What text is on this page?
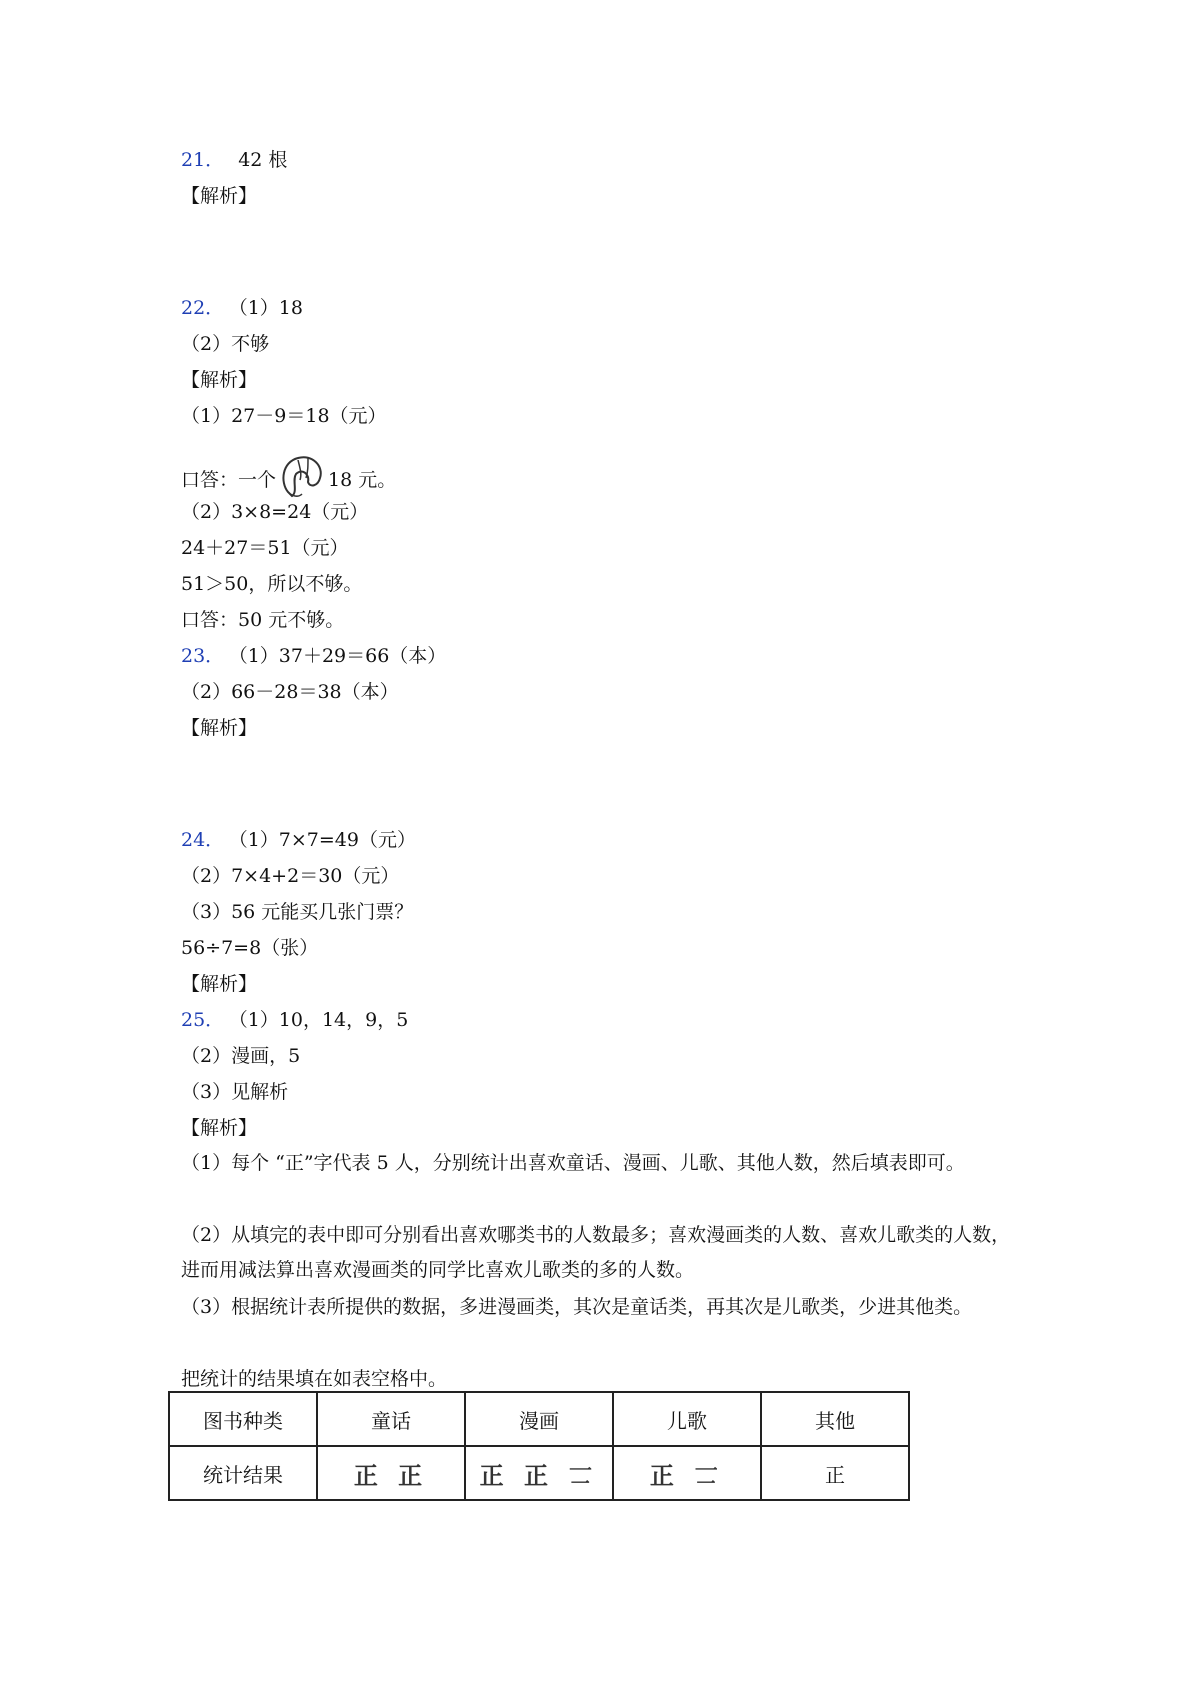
21． 42 根
【解析】
22． （1）18
（2）不够
【解析】
（1）27－9＝18（元）
口答：一个	18 元。
（2）3×8=24（元）
24＋27＝51（元）
51＞50，所以不够。
口答：50 元不够。
23． （1）37＋29＝66（本）
（2）66－28＝38（本）
【解析】
24． （1）7×7=49（元）
（2）7×4+2＝30（元）
（3）56 元能买几张门票？
56÷7=8（张）
【解析】
25． （1）10，14，9，5
（2）漫画，5
（3）见解析
【解析】
（1）每个 “正”字代表 5 人，分别统计出喜欢童话、漫画、儿歌、其他人数，然后填表即可。
（2）从填完的表中即可分别看出喜欢哪类书的人数最多；喜欢漫画类的人数、喜欢儿歌类的人数，进而用减法算出喜欢漫画类的同学比喜欢儿歌类的多的人数。
（3）根据统计表所提供的数据，多进漫画类，其次是童话类，再其次是儿歌类，少进其他类。
把统计的结果填在如表空格中。
图书种类	童话	漫画	儿歌	其他
统计结果	正 正	正 正 𠄟	正 𠄟	正
